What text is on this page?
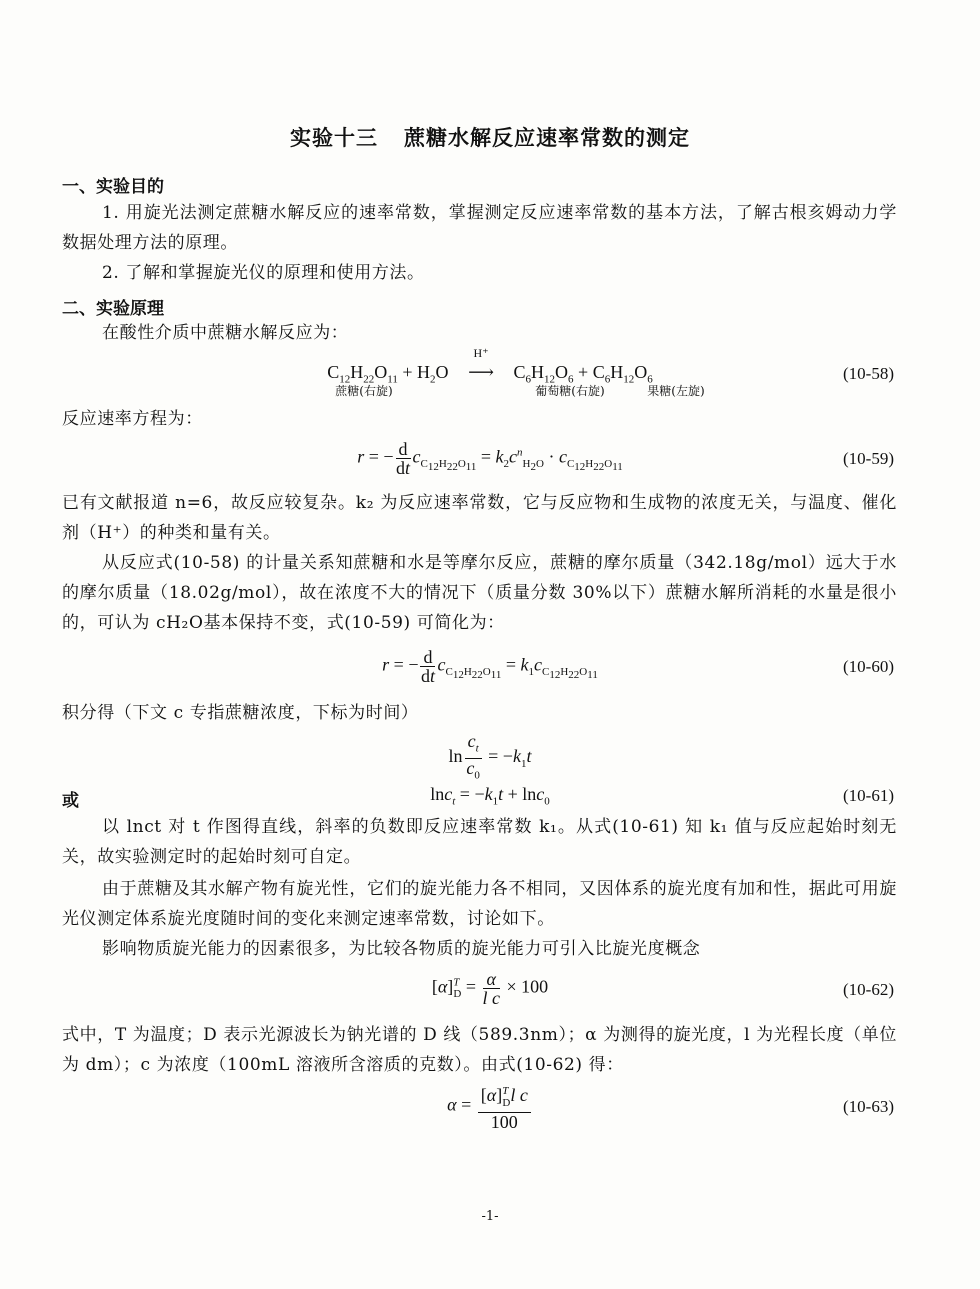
实验十三 蔗糖水解反应速率常数的测定
一、实验目的
1. 用旋光法测定蔗糖水解反应的速率常数，掌握测定反应速率常数的基本方法，了解古根亥姆动力学数据处理方法的原理。
2. 了解和掌握旋光仪的原理和使用方法。
二、实验原理
在酸性介质中蔗糖水解反应为：
$C_{12}H_{22}O_{11} + H_2O$
H⁺
⟶ $C_6H_{12}O_6 + C_6H_{12}O_6$
蔗糖(右旋)	葡萄糖(右旋)	果糖(左旋)
(10-58)
反应速率方程为：
r = − $\frac{d}{dt} c_{C_{12}H_{22}O_{11}} = k_2c^n_{H_2O} \cdot c_{C_{12}H_{22}O_{11}}$	(10-59)
已有文献报道 n=6，故反应较复杂。k₂ 为反应速率常数，它与反应物和生成物的浓度无关，与温度、催化剂（H⁺）的种类和量有关。
从反应式(10-58) 的计量关系知蔗糖和水是等摩尔反应，蔗糖的摩尔质量（342.18g/mol）远大于水的摩尔质量（18.02g/mol），故在浓度不大的情况下（质量分数 30%以下）蔗糖水解所消耗的水量是很小的，可认为 cH₂O基本保持不变，式(10-59) 可简化为：
r = − $\frac{d}{dt} c_{C_{12}H_{22}O_{11}} = k_1c_{C_{12}H_{22}O_{11}}$	(10-60)
积分得（下文 c 专指蔗糖浓度，下标为时间）
$\ln \frac{c_t}{c_0} = -k_1t$
或	$\ln c_t = -k_1t + \ln c_0$	(10-61)
以 lnct 对 t 作图得直线，斜率的负数即反应速率常数 k₁。从式(10-61) 知 k₁ 值与反应起始时刻无关，故实验测定时的起始时刻可自定。
由于蔗糖及其水解产物有旋光性，它们的旋光能力各不相同，又因体系的旋光度有加和性，据此可用旋光仪测定体系旋光度随时间的变化来测定速率常数，讨论如下。
影响物质旋光能力的因素很多，为比较各物质的旋光能力可引入比旋光度概念
$[\alpha]^T_D = \frac{\alpha}{\text{l c}} \times 100$	(10-62)
式中，T 为温度；D 表示光源波长为钠光谱的 D 线（589.3nm）；α 为测得的旋光度，l 为光程长度（单位为 dm）；c 为浓度（100mL 溶液所含溶质的克数）。由式(10-62) 得：
$\alpha = \frac{[\alpha]^T_Dl c}{100}$	(10-63)
-1-
